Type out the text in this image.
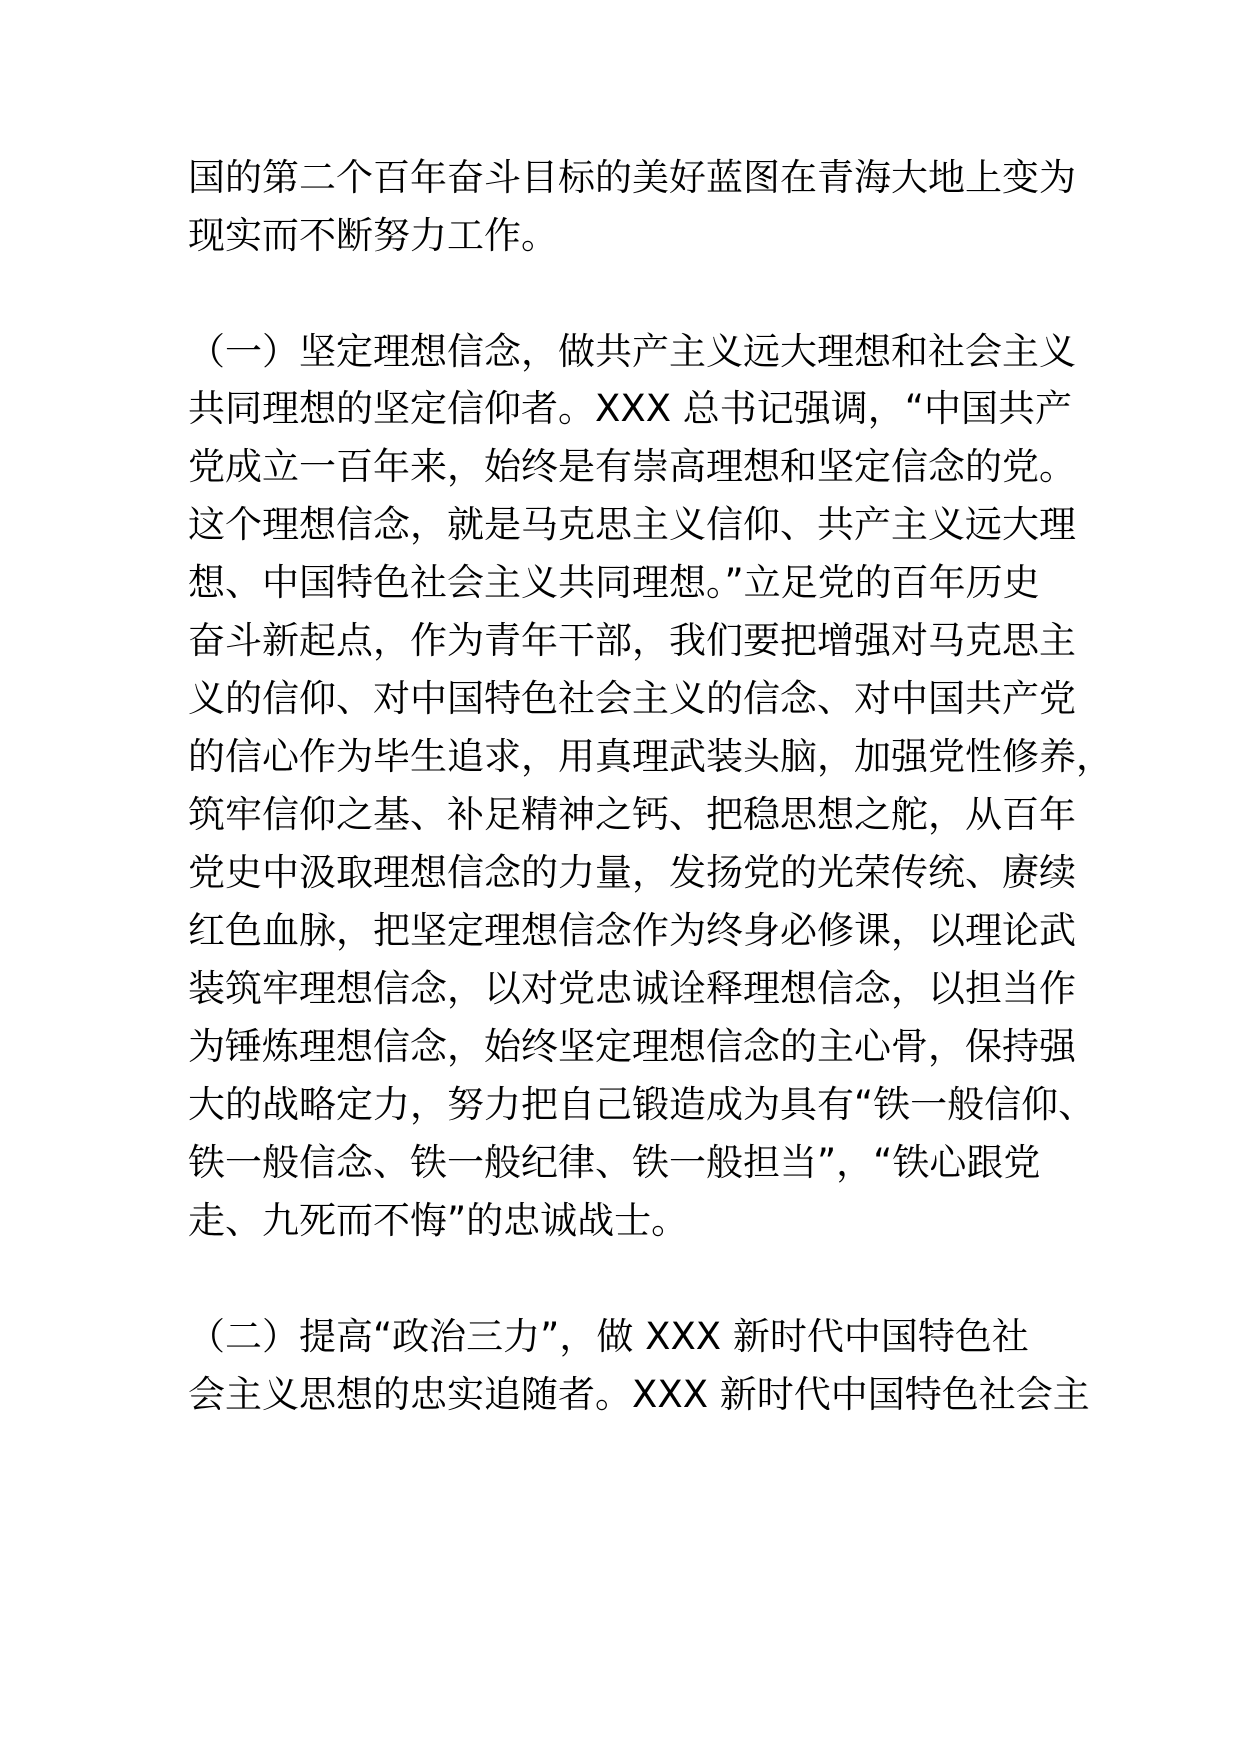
国的第二个百年奋斗目标的美好蓝图在青海大地上变为
现实而不断努力工作。
（一）坚定理想信念，做共产主义远大理想和社会主义
共同理想的坚定信仰者。XXX 总书记强调，“中国共产
党成立一百年来，始终是有崇高理想和坚定信念的党。
这个理想信念，就是马克思主义信仰、共产主义远大理
想、中国特色社会主义共同理想。”立足党的百年历史
奋斗新起点，作为青年干部，我们要把增强对马克思主
义的信仰、对中国特色社会主义的信念、对中国共产党
的信心作为毕生追求，用真理武装头脑，加强党性修养，
筑牢信仰之基、补足精神之钙、把稳思想之舵，从百年
党史中汲取理想信念的力量，发扬党的光荣传统、赓续
红色血脉，把坚定理想信念作为终身必修课，以理论武
装筑牢理想信念，以对党忠诚诠释理想信念，以担当作
为锤炼理想信念，始终坚定理想信念的主心骨，保持强
大的战略定力，努力把自己锻造成为具有“铁一般信仰、
铁一般信念、铁一般纪律、铁一般担当”，“铁心跟党
走、九死而不悔”的忠诚战士。
（二）提高“政治三力”，做 XXX 新时代中国特色社
会主义思想的忠实追随者。XXX 新时代中国特色社会主
